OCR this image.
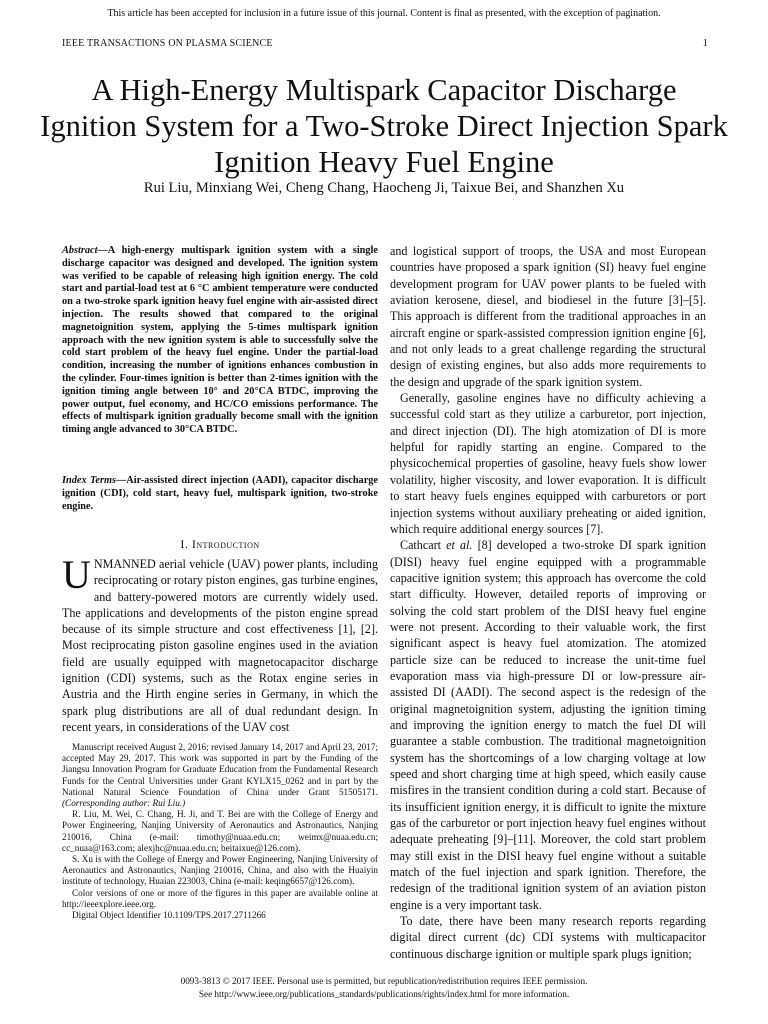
This article has been accepted for inclusion in a future issue of this journal. Content is final as presented, with the exception of pagination.
IEEE TRANSACTIONS ON PLASMA SCIENCE	1
A High-Energy Multispark Capacitor Discharge Ignition System for a Two-Stroke Direct Injection Spark Ignition Heavy Fuel Engine
Rui Liu, Minxiang Wei, Cheng Chang, Haocheng Ji, Taixue Bei, and Shanzhen Xu
Abstract—A high-energy multispark ignition system with a single discharge capacitor was designed and developed. The ignition system was verified to be capable of releasing high ignition energy. The cold start and partial-load test at 6 °C ambient temperature were conducted on a two-stroke spark ignition heavy fuel engine with air-assisted direct injection. The results showed that compared to the original magnetoignition system, applying the 5-times multispark ignition approach with the new ignition system is able to successfully solve the cold start problem of the heavy fuel engine. Under the partial-load condition, increasing the number of ignitions enhances combustion in the cylinder. Four-times ignition is better than 2-times ignition with the ignition timing angle between 10° and 20°CA BTDC, improving the power output, fuel economy, and HC/CO emissions performance. The effects of multispark ignition gradually become small with the ignition timing angle advanced to 30°CA BTDC.
Index Terms—Air-assisted direct injection (AADI), capacitor discharge ignition (CDI), cold start, heavy fuel, multispark ignition, two-stroke engine.
I. Introduction
UNMANNED aerial vehicle (UAV) power plants, including reciprocating or rotary piston engines, gas turbine engines, and battery-powered motors are currently widely used. The applications and developments of the piston engine spread because of its simple structure and cost effectiveness [1], [2]. Most reciprocating piston gasoline engines used in the aviation field are usually equipped with magnetocapacitor discharge ignition (CDI) systems, such as the Rotax engine series in Austria and the Hirth engine series in Germany, in which the spark plug distributions are all of dual redundant design. In recent years, in considerations of the UAV cost

Manuscript received August 2, 2016; revised January 14, 2017 and April 23, 2017; accepted May 29, 2017. This work was supported in part by the Funding of the Jiangsu Innovation Program for Graduate Education from the Fundamental Research Funds for the Central Universities under Grant KYLX15_0262 and in part by the National Natural Science Foundation of China under Grant 51505171. (Corresponding author: Rui Liu.)

R. Liu, M. Wei, C. Chang, H. Ji, and T. Bei are with the College of Energy and Power Engineering, Nanjing University of Aeronautics and Astronautics, Nanjing 210016, China (e-mail: timothy@nuaa.edu.cn; weimx@nuaa.edu.cn; cc_nuaa@163.com; alexjhc@nuaa.edu.cn; beitaixue@126.com).

S. Xu is with the College of Energy and Power Engineering, Nanjing University of Aeronautics and Astronautics, Nanjing 210016, China, and also with the Huaiyin institute of technology, Huaian 223003, China (e-mail: keqing6657@126.com).

Color versions of one or more of the figures in this paper are available online at http://ieeexplore.ieee.org.

Digital Object Identifier 10.1109/TPS.2017.2711266

and logistical support of troops, the USA and most European countries have proposed a spark ignition (SI) heavy fuel engine development program for UAV power plants to be fueled with aviation kerosene, diesel, and biodiesel in the future [3]–[5]. This approach is different from the traditional approaches in an aircraft engine or spark-assisted compression ignition engine [6], and not only leads to a great challenge regarding the structural design of existing engines, but also adds more requirements to the design and upgrade of the spark ignition system.

Generally, gasoline engines have no difficulty achieving a successful cold start as they utilize a carburetor, port injection, and direct injection (DI). The high atomization of DI is more helpful for rapidly starting an engine. Compared to the physicochemical properties of gasoline, heavy fuels show lower volatility, higher viscosity, and lower evaporation. It is difficult to start heavy fuels engines equipped with carburetors or port injection systems without auxiliary preheating or aided ignition, which require additional energy sources [7].

Cathcart et al. [8] developed a two-stroke DI spark ignition (DISI) heavy fuel engine equipped with a programmable capacitive ignition system; this approach has overcome the cold start difficulty. However, detailed reports of improving or solving the cold start problem of the DISI heavy fuel engine were not present. According to their valuable work, the first significant aspect is heavy fuel atomization. The atomized particle size can be reduced to increase the unit-time fuel evaporation mass via high-pressure DI or low-pressure air-assisted DI (AADI). The second aspect is the redesign of the original magnetoignition system, adjusting the ignition timing and improving the ignition energy to match the fuel DI will guarantee a stable combustion. The traditional magnetoignition system has the shortcomings of a low charging voltage at low speed and short charging time at high speed, which easily cause misfires in the transient condition during a cold start. Because of its insufficient ignition energy, it is difficult to ignite the mixture gas of the carburetor or port injection heavy fuel engines without adequate preheating [9]–[11]. Moreover, the cold start problem may still exist in the DISI heavy fuel engine without a suitable match of the fuel injection and spark ignition. Therefore, the redesign of the traditional ignition system of an aviation piston engine is a very important task.

To date, there have been many research reports regarding digital direct current (dc) CDI systems with multicapacitor continuous discharge ignition or multiple spark plugs ignition;

0093-3813 © 2017 IEEE. Personal use is permitted, but republication/redistribution requires IEEE permission.
See http://www.ieee.org/publications_standards/publications/rights/index.html for more information.
